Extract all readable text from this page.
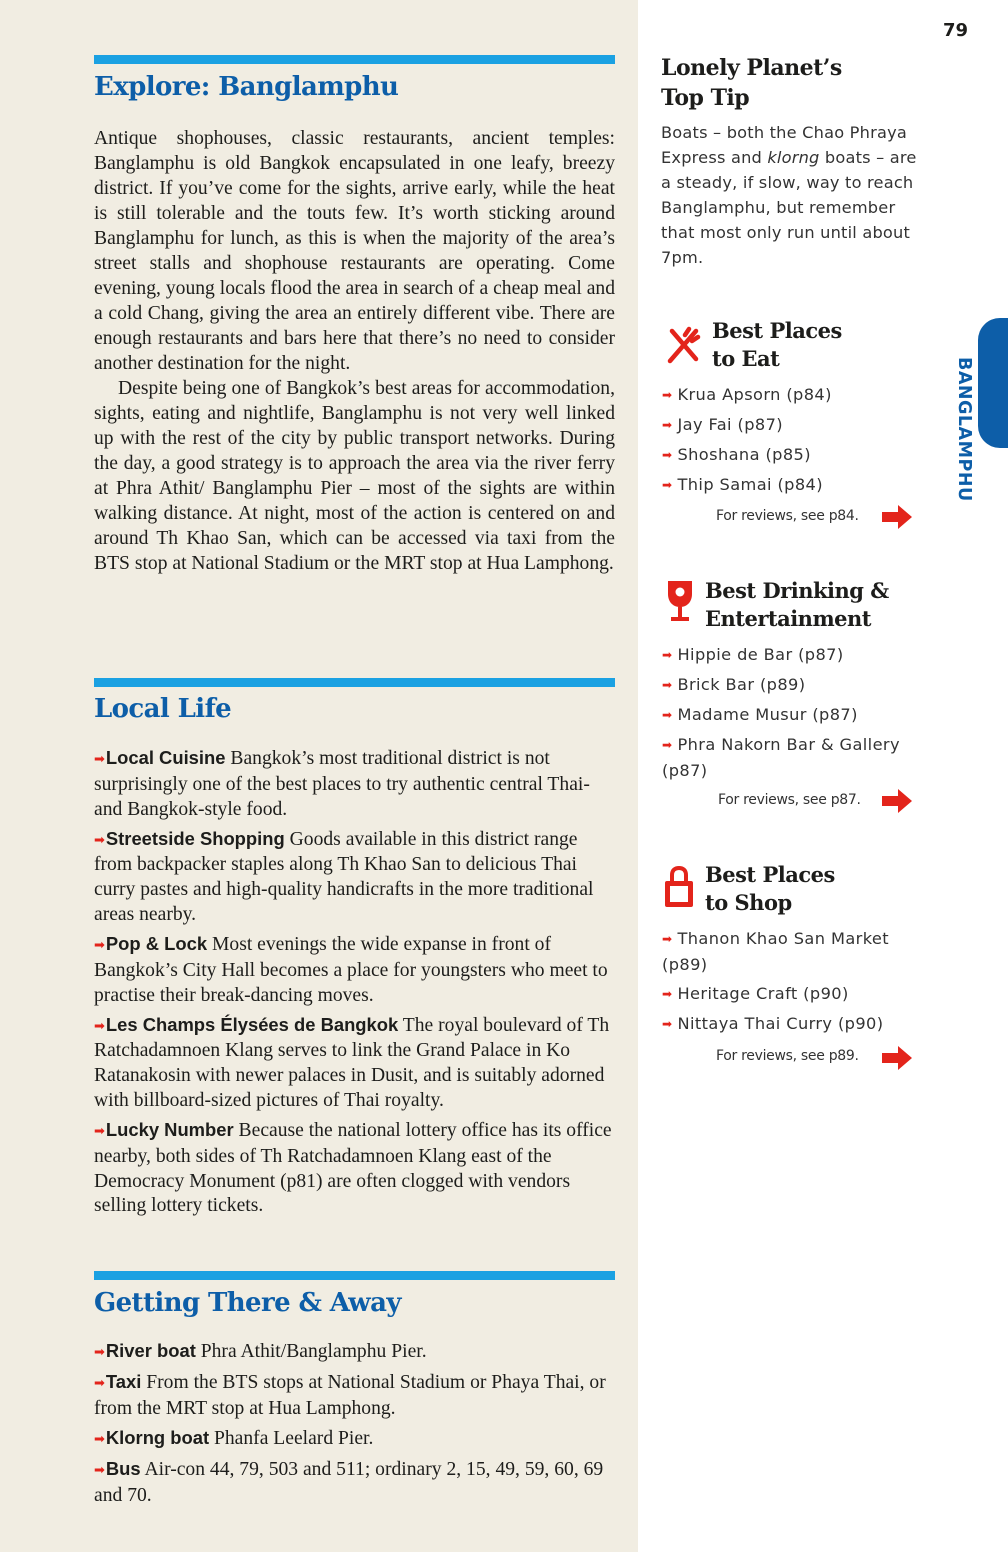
Explore: Banglamphu

Antique shophouses, classic restaurants, ancient temples: Banglamphu is old Bangkok encapsulated in one leafy, breezy district. If you’ve come for the sights, arrive early, while the heat is still tolerable and the touts few. It’s worth sticking around Banglamphu for lunch, as this is when the majority of the area’s street stalls and shophouse restaurants are operating. Come evening, young locals flood the area in search of a cheap meal and a cold Chang, giving the area an entirely different vibe. There are enough restaurants and bars here that there’s no need to consider another destination for the night.

Despite being one of Bangkok’s best areas for accommodation, sights, eating and nightlife, Banglamphu is not very well linked up with the rest of the city by public transport networks. During the day, a good strategy is to approach the area via the river ferry at Phra Athit/ Banglamphu Pier – most of the sights are within walking distance. At night, most of the action is centered on and around Th Khao San, which can be accessed via taxi from the BTS stop at National Stadium or the MRT stop at Hua Lamphong.

Local Life
➡Local Cuisine Bangkok’s most traditional district is not surprisingly one of the best places to try authentic central Thai- and Bangkok-style food.
➡Streetside Shopping Goods available in this district range from backpacker staples along Th Khao San to delicious Thai curry pastes and high-quality handicrafts in the more traditional areas nearby.
➡Pop & Lock Most evenings the wide expanse in front of Bangkok’s City Hall becomes a place for youngsters who meet to practise their break-dancing moves.
➡Les Champs Élysées de Bangkok The royal boulevard of Th Ratchadamnoen Klang serves to link the Grand Palace in Ko Ratanakosin with newer palaces in Dusit, and is suitably adorned with billboard-sized pictures of Thai royalty.
➡Lucky Number Because the national lottery office has its office nearby, both sides of Th Ratchadamnoen Klang east of the Democracy Monument (p81) are often clogged with vendors selling lottery tickets.
Getting There & Away
➡River boat Phra Athit/Banglamphu Pier.
➡Taxi From the BTS stops at National Stadium or Phaya Thai, or from the MRT stop at Hua Lamphong.
➡Klorng boat Phanfa Leelard Pier.
➡Bus Air-con 44, 79, 503 and 511; ordinary 2, 15, 49, 59, 60, 69 and 70.
79
Lonely Planet’s
Top Tip
Boats – both the Chao Phraya Express and klorng boats – are a steady, if slow, way to reach Banglamphu, but remember that most only run until about 7pm.
BANGLAMPHU
Best Places
to Eat
➡ Krua Apsorn (p84)
➡ Jay Fai (p87)
➡ Shoshana (p85)
➡ Thip Samai (p84)
For reviews, see p84.
Best Drinking &
Entertainment
➡ Hippie de Bar (p87)
➡ Brick Bar (p89)
➡ Madame Musur (p87)
➡ Phra Nakorn Bar & Gallery (p87)
For reviews, see p87.
Best Places
to Shop
➡ Thanon Khao San Market (p89)
➡ Heritage Craft (p90)
➡ Nittaya Thai Curry (p90)
For reviews, see p89.
